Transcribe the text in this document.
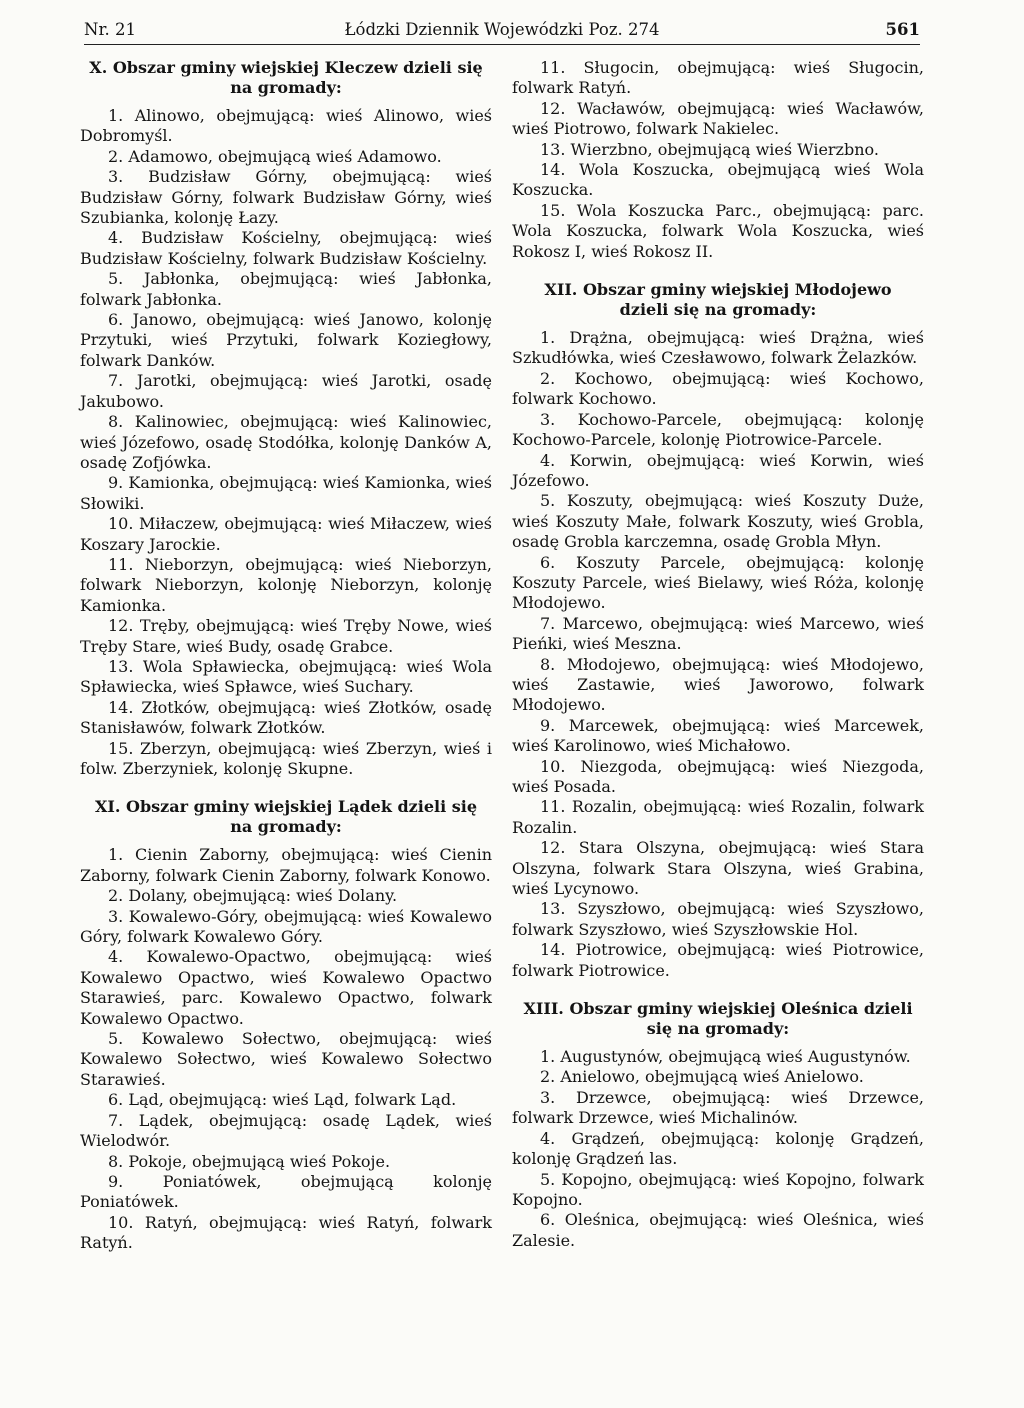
Nr. 21	Łódzki Dziennik Wojewódzki Poz. 274	561
X. Obszar gminy wiejskiej Kleczew dzieli się na gromady:

1. Alinowo, obejmującą: wieś Alinowo, wieś Dobromyśl.

2. Adamowo, obejmującą wieś Adamowo.

3. Budzisław Górny, obejmującą: wieś Budzisław Górny, folwark Budzisław Górny, wieś Szubianka, kolonję Łazy.

4. Budzisław Kościelny, obejmującą: wieś Budzisław Kościelny, folwark Budzisław Kościelny.

5. Jabłonka, obejmującą: wieś Jabłonka, folwark Jabłonka.

6. Janowo, obejmującą: wieś Janowo, kolonję Przytuki, wieś Przytuki, folwark Koziegłowy, folwark Danków.

7. Jarotki, obejmującą: wieś Jarotki, osadę Jakubowo.

8. Kalinowiec, obejmującą: wieś Kalinowiec, wieś Józefowo, osadę Stodółka, kolonję Danków A, osadę Zofjówka.

9. Kamionka, obejmującą: wieś Kamionka, wieś Słowiki.

10. Miłaczew, obejmującą: wieś Miłaczew, wieś Koszary Jarockie.

11. Nieborzyn, obejmującą: wieś Nieborzyn, folwark Nieborzyn, kolonję Nieborzyn, kolonję Kamionka.

12. Tręby, obejmującą: wieś Tręby Nowe, wieś Tręby Stare, wieś Budy, osadę Grabce.

13. Wola Spławiecka, obejmującą: wieś Wola Spławiecka, wieś Spławce, wieś Suchary.

14. Złotków, obejmującą: wieś Złotków, osadę Stanisławów, folwark Złotków.

15. Zberzyn, obejmującą: wieś Zberzyn, wieś i folw. Zberzyniek, kolonję Skupne.

XI. Obszar gminy wiejskiej Lądek dzieli się na gromady:

1. Cienin Zaborny, obejmującą: wieś Cienin Zaborny, folwark Cienin Zaborny, folwark Konowo.

2. Dolany, obejmującą: wieś Dolany.

3. Kowalewo-Góry, obejmującą: wieś Kowalewo Góry, folwark Kowalewo Góry.

4. Kowalewo-Opactwo, obejmującą: wieś Kowalewo Opactwo, wieś Kowalewo Opactwo Starawieś, parc. Kowalewo Opactwo, folwark Kowalewo Opactwo.

5. Kowalewo Sołectwo, obejmującą: wieś Kowalewo Sołectwo, wieś Kowalewo Sołectwo Starawieś.

6. Ląd, obejmującą: wieś Ląd, folwark Ląd.

7. Lądek, obejmującą: osadę Lądek, wieś Wielodwór.

8. Pokoje, obejmującą wieś Pokoje.

9. Poniatówek, obejmującą kolonję Poniatówek.

10. Ratyń, obejmującą: wieś Ratyń, folwark Ratyń.

11. Sługocin, obejmującą: wieś Sługocin, folwark Ratyń.

12. Wacławów, obejmującą: wieś Wacławów, wieś Piotrowo, folwark Nakielec.

13. Wierzbno, obejmującą wieś Wierzbno.

14. Wola Koszucka, obejmującą wieś Wola Koszucka.

15. Wola Koszucka Parc., obejmującą: parc. Wola Koszucka, folwark Wola Koszucka, wieś Rokosz I, wieś Rokosz II.

XII. Obszar gminy wiejskiej Młodojewo dzieli się na gromady:

1. Drążna, obejmującą: wieś Drążna, wieś Szkudłówka, wieś Czesławowo, folwark Żelazków.

2. Kochowo, obejmującą: wieś Kochowo, folwark Kochowo.

3. Kochowo-Parcele, obejmującą: kolonję Kochowo-Parcele, kolonję Piotrowice-Parcele.

4. Korwin, obejmującą: wieś Korwin, wieś Józefowo.

5. Koszuty, obejmującą: wieś Koszuty Duże, wieś Koszuty Małe, folwark Koszuty, wieś Grobla, osadę Grobla karczemna, osadę Grobla Młyn.

6. Koszuty Parcele, obejmującą: kolonję Koszuty Parcele, wieś Bielawy, wieś Róża, kolonję Młodojewo.

7. Marcewo, obejmującą: wieś Marcewo, wieś Pieńki, wieś Meszna.

8. Młodojewo, obejmującą: wieś Młodojewo, wieś Zastawie, wieś Jaworowo, folwark Młodojewo.

9. Marcewek, obejmującą: wieś Marcewek, wieś Karolinowo, wieś Michałowo.

10. Niezgoda, obejmującą: wieś Niezgoda, wieś Posada.

11. Rozalin, obejmującą: wieś Rozalin, folwark Rozalin.

12. Stara Olszyna, obejmującą: wieś Stara Olszyna, folwark Stara Olszyna, wieś Grabina, wieś Lycynowo.

13. Szyszłowo, obejmującą: wieś Szyszłowo, folwark Szyszłowo, wieś Szyszłowskie Hol.

14. Piotrowice, obejmującą: wieś Piotrowice, folwark Piotrowice.

XIII. Obszar gminy wiejskiej Oleśnica dzieli się na gromady:

1. Augustynów, obejmującą wieś Augustynów.

2. Anielowo, obejmującą wieś Anielowo.

3. Drzewce, obejmującą: wieś Drzewce, folwark Drzewce, wieś Michalinów.

4. Grądzeń, obejmującą: kolonję Grądzeń, kolonję Grądzeń las.

5. Kopojno, obejmującą: wieś Kopojno, folwark Kopojno.

6. Oleśnica, obejmującą: wieś Oleśnica, wieś Zalesie.
